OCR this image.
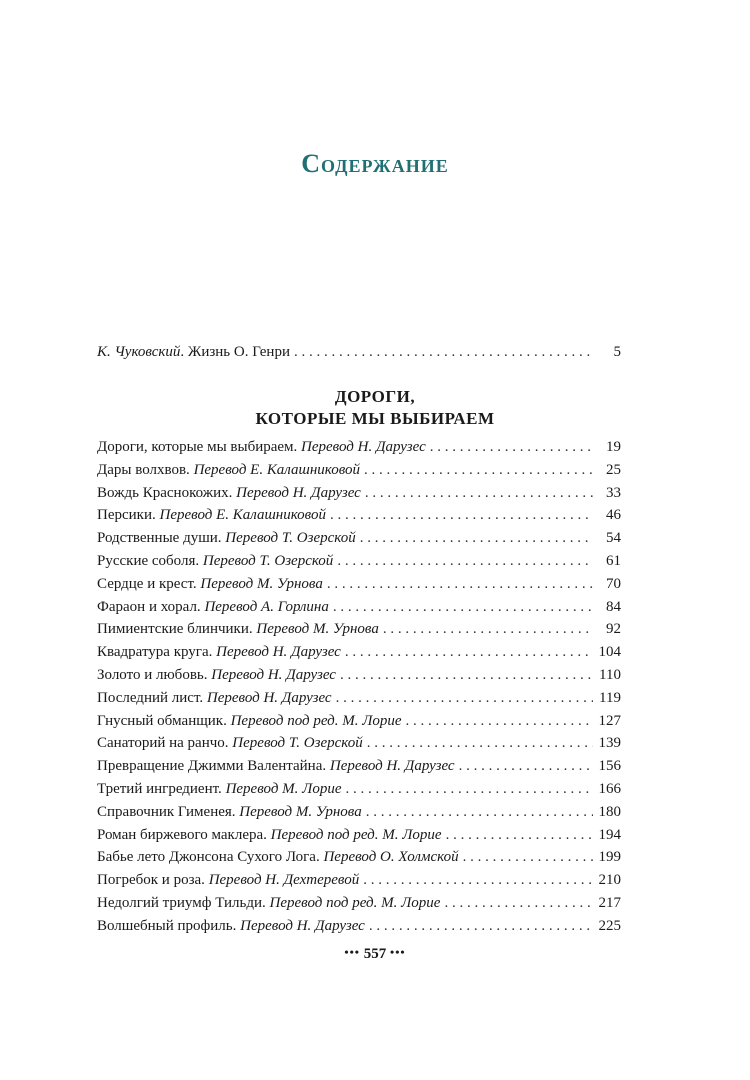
Содержание
К. Чуковский. Жизнь О. Генри . . .	5
ДОРОГИ,
КОТОРЫЕ МЫ ВЫБИРАЕМ
Дороги, которые мы выбираем. Перевод Н. Дарузес . . .	19
Дары волхвов. Перевод Е. Калашниковой . . .	25
Вождь Краснокожих. Перевод Н. Дарузес . . .	33
Персики. Перевод Е. Калашниковой . . .	46
Родственные души. Перевод Т. Озерской . . .	54
Русские соболя. Перевод Т. Озерской . . .	61
Сердце и крест. Перевод М. Урнова . . .	70
Фараон и хорал. Перевод А. Горлина . . .	84
Пимиентские блинчики. Перевод М. Урнова . . .	92
Квадратура круга. Перевод Н. Дарузес . . .	104
Золото и любовь. Перевод Н. Дарузес . . .	110
Последний лист. Перевод Н. Дарузес . . .	119
Гнусный обманщик. Перевод под ред. М. Лорие . . .	127
Санаторий на ранчо. Перевод Т. Озерской . . .	139
Превращение Джимми Валентайна. Перевод Н. Дарузес . . .	156
Третий ингредиент. Перевод М. Лорие . . .	166
Справочник Гименея. Перевод М. Урнова . . .	180
Роман биржевого маклера. Перевод под ред. М. Лорие . . .	194
Бабье лето Джонсона Сухого Лога. Перевод О. Холмской . . .	199
Погребок и роза. Перевод Н. Дехтеревой . . .	210
Недолгий триумф Тильди. Перевод под ред. М. Лорие . . .	217
Волшебный профиль. Перевод Н. Дарузес . . .	225
••• 557 •••
